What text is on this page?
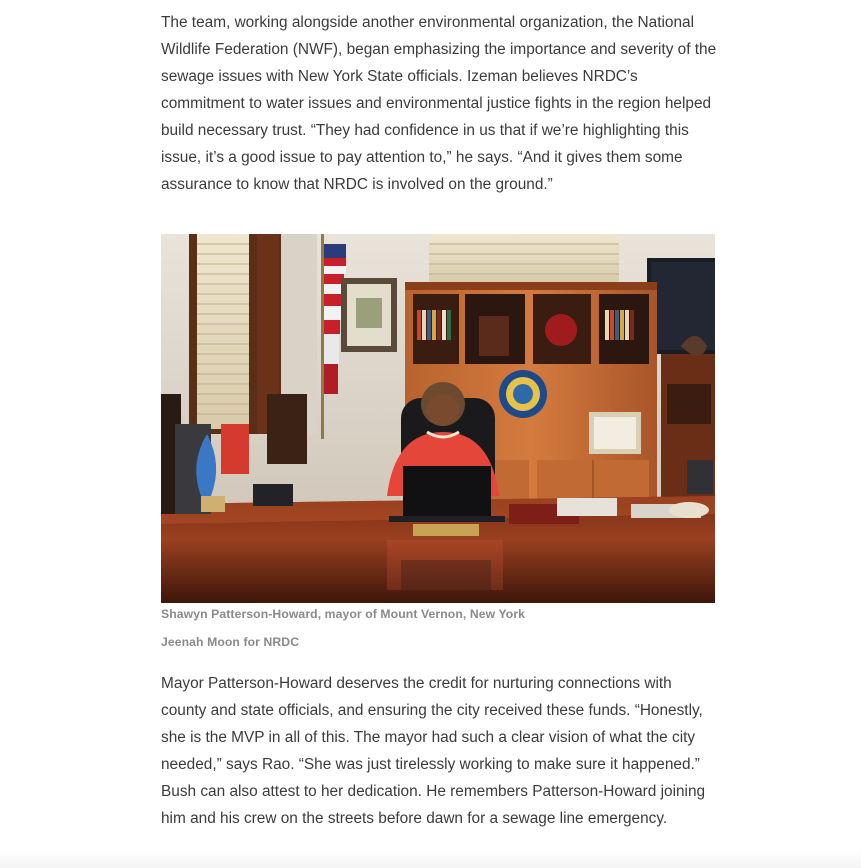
The team, working alongside another environmental organization, the National Wildlife Federation (NWF), began emphasizing the importance and severity of the sewage issues with New York State officials. Izeman believes NRDC’s commitment to water issues and environmental justice fights in the region helped build necessary trust. “They had confidence in us that if we’re highlighting this issue, it’s a good issue to pay attention to,” he says. “And it gives them some assurance to know that NRDC is involved on the ground.”

Shawyn Patterson-Howard, mayor of Mount Vernon, New York
Jeenah Moon for NRDC

Mayor Patterson-Howard deserves the credit for nurturing connections with county and state officials, and ensuring the city received these funds. “Honestly, she is the MVP in all of this. The mayor had such a clear vision of what the city needed,” says Rao. “She was just tirelessly working to make sure it happened.” Bush can also attest to her dedication. He remembers Patterson-Howard joining him and his crew on the streets before dawn for a sewage line emergency.
